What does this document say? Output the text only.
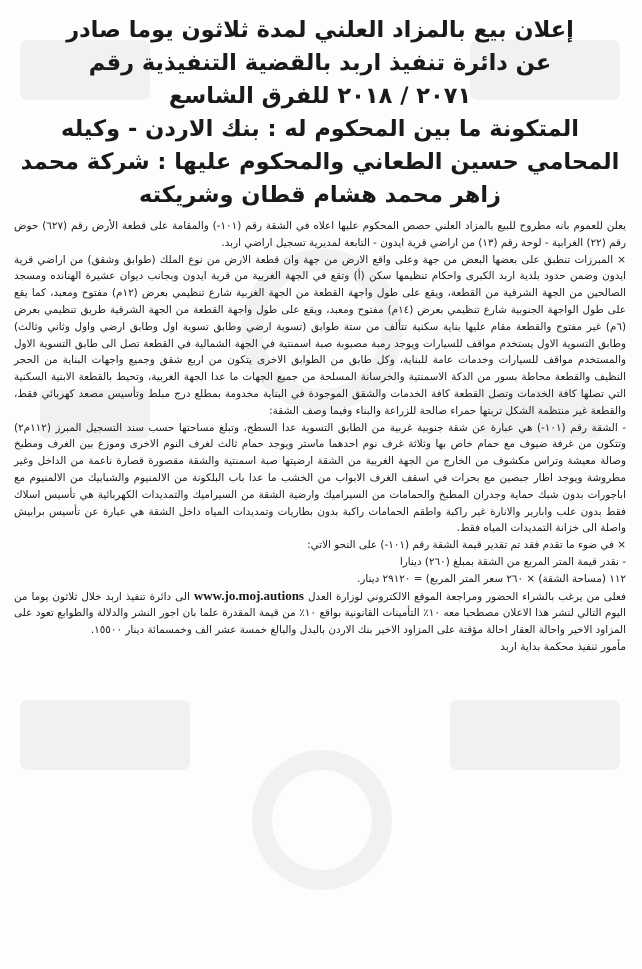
إعلان بيع بالمزاد العلني لمدة ثلاثون يوما صادر
عن دائرة تنفيذ اربد بالقضية التنفيذية رقم
٢٠٧١ / ٢٠١٨ للفرق الشاسع
المتكونة ما بين المحكوم له : بنك الاردن - وكيله
المحامي حسين الطعاني والمحكوم عليها : شركة محمد
زاهر محمد هشام قطان وشريكته

يعلن للعموم بانه مطروح للبيع بالمزاد العلني حصص المحكوم عليها اعلاه في الشقة رقم (١٠١-) والمقامة على قطعة الأرض رقم (٦٢٧) حوض رقم (٢٢) الغرابية - لوحة رقم (١٣) من اراضي قرية ايدون - التابعة لمديرية تسجيل اراضي اربد.

× المبرزات تنطبق على بعضها البعض من جهة وعلى واقع الارض من جهة وان قطعة الارض من نوع الملك (طوابق وشقق) من اراضي قرية ايدون وضمن حدود بلدية اربد الكبرى واحكام تنظيمها سكن (أ) وتقع في الجهة الغربية من قرية ايدون وبجانب ديوان عشيرة الهنانده ومسجد الصالحين من الجهة الشرقية من القطعة، ويقع على طول واجهة القطعة من الجهة الغربية شارع تنظيمي بعرض (١٢م) مفتوح ومعبد، كما يقع على طول الواجهة الجنوبية شارع تنظيمي بعرض (١٤م) مفتوح ومعبد، ويقع على طول واجهة القطعة من الجهة الشرقية طريق تنظيمي بعرض (٦م) غير مفتوح والقطعة مقام عليها بناية سكنية تتألف من ستة طوابق (تسوية ارضي وطابق تسوية اول وطابق ارضي واول وثاني وثالث) وطابق التسوية الاول يستخدم مواقف للسيارات ويوجد رمبة مصبوبة صبة اسمنتية في الجهة الشمالية في القطعة تصل الى طابق التسوية الاول والمستخدم مواقف للسيارات وخدمات عامة للبناية، وكل طابق من الطوابق الاخرى يتكون من اربع شقق وجميع واجهات البناية من الحجر النظيف والقطعة محاطة بسور من الدكة الاسمنتية والخرسانة المسلحة من جميع الجهات ما عدا الجهة الغربية، وتحيط بالقطعة الابنية السكنية التي تصلها كافة الخدمات وتصل القطعة كافة الخدمات والشقق الموجودة في البناية مخدومة بمطلع درج مبلط وتأسيس مصعد كهربائي فقط، والقطعة غير منتظمة الشكل تربتها حمراء صالحة للزراعة والبناء وفيما وصف الشقة:

- الشقة رقم (١٠١-) هي عبارة عن شقة جنوبية غربية من الطابق التسوية عدا السطح، وتبلغ مساحتها حسب سند التسجيل المبرز (١١٢م٢) وتتكون من غرفة ضيوف مع حمام خاص بها وثلاثة غرف نوم احدهما ماستر ويوجد حمام ثالث لغرف النوم الاخرى وموزع بين الغرف ومطبخ وصالة معيشة وتراس مكشوف من الخارج من الجهة الغربية من الشقة ارضيتها صبة اسمنتية والشقة مقصورة قصارة ناعمة من الداخل وغير مطروشة ويوجد اطار جبصين مع بحرات في اسقف الغرف الابواب من الخشب ما عدا باب البلكونة من الالمنيوم والشبابيك من الالمنيوم مع اباجورات بدون شبك حماية وجدران المطبخ والحمامات من السيراميك وارضية الشقة من السيراميك والتمديدات الكهربائية هي تأسيس اسلاك فقط بدون علب وابارير والانارة غير راكبة واطقم الحمامات راكبة بدون بطاريات وتمديدات المياه داخل الشقة هي عبارة عن تأسيس برابيش واصلة الى خزانة التمديدات المياه فقط.

× في ضوء ما تقدم فقد تم تقدير قيمة الشقة رقم (١٠١-) على النحو الاتي:

- نقدر قيمة المتر المربع من الشقة بمبلغ (٢٦٠) دينارا

١١٢ (مساحة الشقة) × ٢٦٠ سعر المتر المربع) = ٢٩١٢٠ دينار.

فعلى من يرغب بالشراء الحضور ومراجعة الموقع الالكتروني لوزارة العدل www.jo.moj.autions الى دائرة تنفيذ اربد خلال ثلاثون يوما من اليوم التالي لنشر هذا الاعلان مصطحبا معه ١٠٪ التأمينات القانونية بواقع ١٠٪ من قيمة المقدرة علما بان اجور النشر والدلالة والطوابع تعود على المزاود الاخير واحالة العقار احالة مؤقتة على المزاود الاخير بنك الاردن بالبدل والبالغ خمسة عشر الف وخمسمائة دينار ١٥٥٠٠.

مأمور تنفيذ محكمة بداية اربد
